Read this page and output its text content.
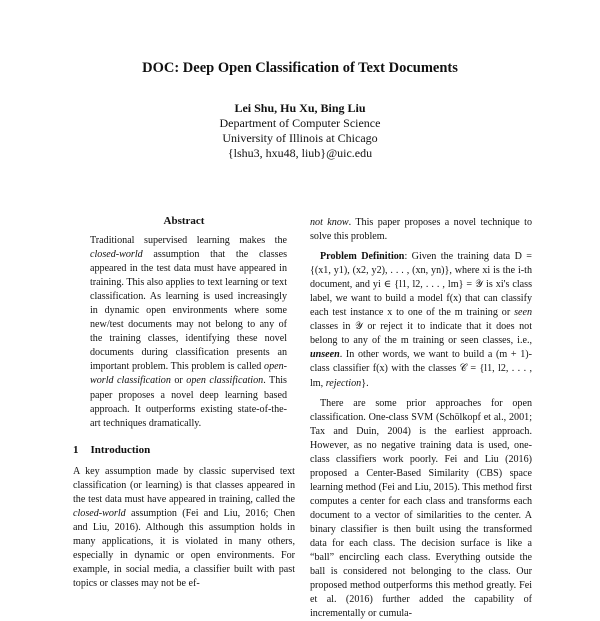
DOC: Deep Open Classification of Text Documents
Lei Shu, Hu Xu, Bing Liu
Department of Computer Science
University of Illinois at Chicago
{lshu3, hxu48, liub}@uic.edu
Abstract

Traditional supervised learning makes the closed-world assumption that the classes appeared in the test data must have appeared in training. This also applies to text learning or text classification. As learning is used increasingly in dynamic open environments where some new/test documents may not belong to any of the training classes, identifying these novel documents during classification presents an important problem. This problem is called open-world classification or open classification. This paper proposes a novel deep learning based approach. It outperforms existing state-of-the-art techniques dramatically.

1 Introduction

A key assumption made by classic supervised text classification (or learning) is that classes appeared in the test data must have appeared in training, called the closed-world assumption (Fei and Liu, 2016; Chen and Liu, 2016). Although this assumption holds in many applications, it is violated in many others, especially in dynamic or open environments. For example, in social media, a classifier built with past topics or classes may not be ef-

not know. This paper proposes a novel technique to solve this problem.

Problem Definition: Given the training data D = {(x1, y1), (x2, y2), . . . , (xn, yn)}, where xi is the i-th document, and yi ∈ {l1, l2, . . . , lm} = 𝒴 is xi's class label, we want to build a model f(x) that can classify each test instance x to one of the m training or seen classes in 𝒴 or reject it to indicate that it does not belong to any of the m training or seen classes, i.e., unseen. In other words, we want to build a (m + 1)-class classifier f(x) with the classes 𝒞 = {l1, l2, . . . , lm, rejection}.

There are some prior approaches for open classification. One-class SVM (Schölkopf et al., 2001; Tax and Duin, 2004) is the earliest approach. However, as no negative training data is used, one-class classifiers work poorly. Fei and Liu (2016) proposed a Center-Based Similarity (CBS) space learning method (Fei and Liu, 2015). This method first computes a center for each class and transforms each document to a vector of similarities to the center. A binary classifier is then built using the transformed data for each class. The decision surface is like a “ball” encircling each class. Everything outside the ball is considered not belonging to the class. Our proposed method outperforms this method greatly. Fei et al. (2016) further added the capability of incrementally or cumula-
